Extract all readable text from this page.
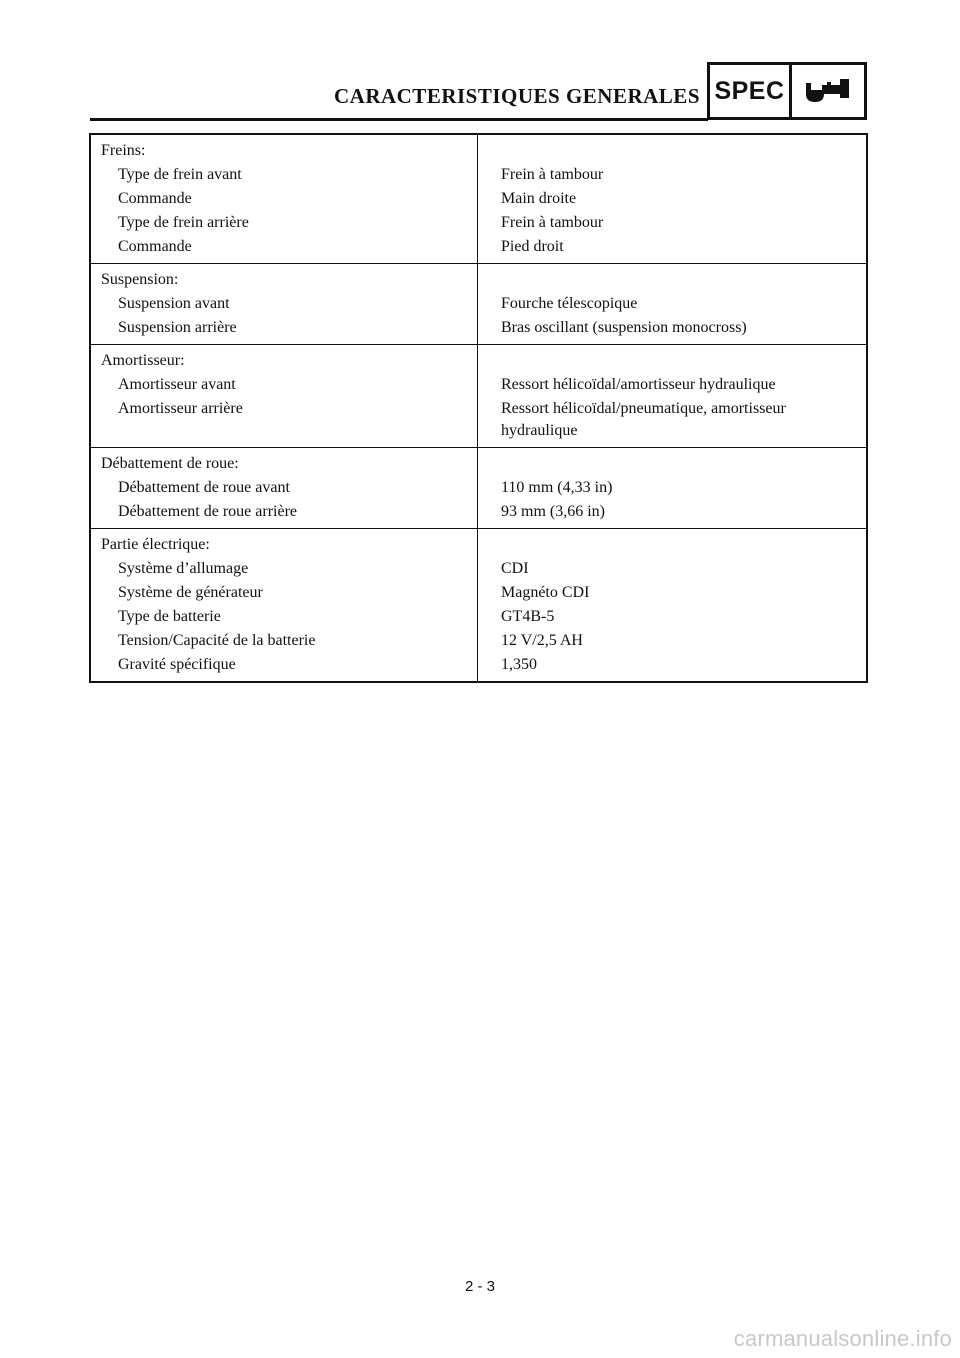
CARACTERISTIQUES GENERALES SPEC
Freins:
Type de frein avant	Frein à tambour
Commande	Main droite
Type de frein arrière	Frein à tambour
Commande	Pied droit
Suspension:
Suspension avant	Fourche télescopique
Suspension arrière	Bras oscillant (suspension monocross)
Amortisseur:
Amortisseur avant	Ressort hélicoïdal/amortisseur hydraulique
Amortisseur arrière	Ressort hélicoïdal/pneumatique, amortisseur hydraulique
Débattement de roue:
Débattement de roue avant	110 mm (4,33 in)
Débattement de roue arrière	93 mm (3,66 in)
Partie électrique:
Système d’allumage	CDI
Système de générateur	Magnéto CDI
Type de batterie	GT4B-5
Tension/Capacité de la batterie	12 V/2,5 AH
Gravité spécifique	1,350
2 - 3
carmanualsonline.info
